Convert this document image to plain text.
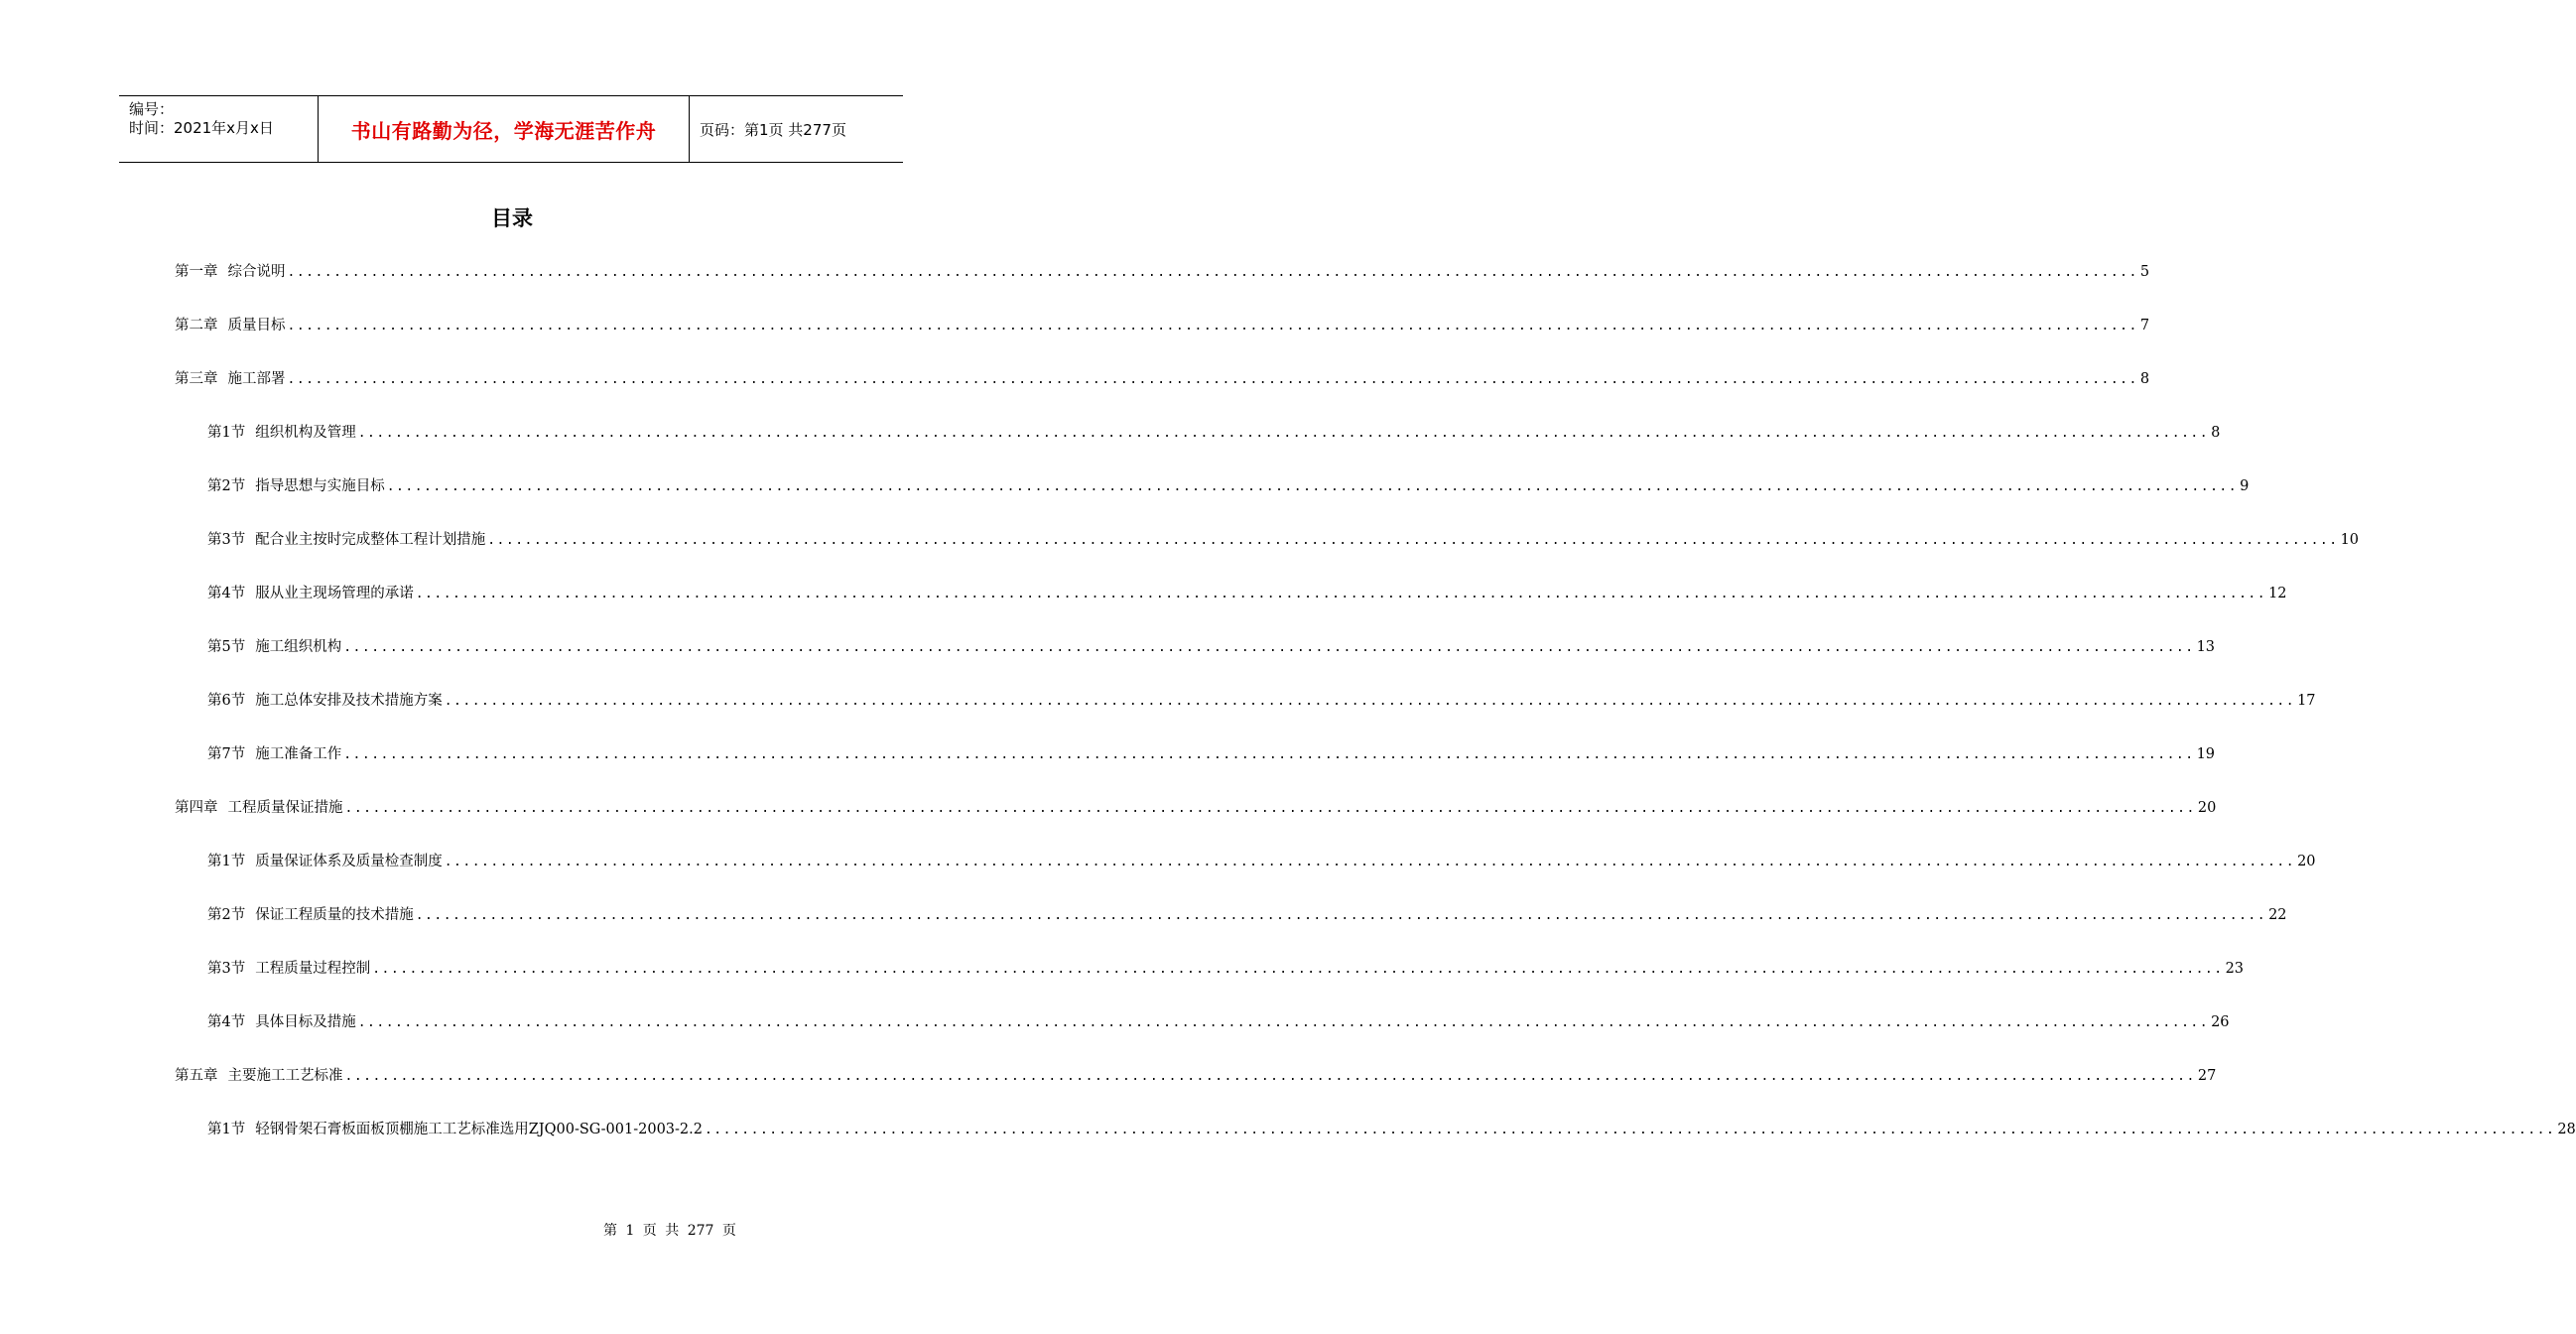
编号：
时间：2021年x月x日	书山有路勤为径，学海无涯苦作舟	页码：第1页 共277页
目录
第一章 综合说明 ........................................................................................................................................................................................................ 5
第二章 质量目标 ........................................................................................................................................................................................................ 7
第三章 施工部署 ........................................................................................................................................................................................................ 8
第1节 组织机构及管理 ........................................................................................................................................................................................................ 8
第2节 指导思想与实施目标 ........................................................................................................................................................................................................ 9
第3节 配合业主按时完成整体工程计划措施 ........................................................................................................................................................................................................ 10
第4节 服从业主现场管理的承诺 ........................................................................................................................................................................................................ 12
第5节 施工组织机构 ........................................................................................................................................................................................................ 13
第6节 施工总体安排及技术措施方案 ........................................................................................................................................................................................................ 17
第7节 施工准备工作 ........................................................................................................................................................................................................ 19
第四章 工程质量保证措施 ........................................................................................................................................................................................................ 20
第1节 质量保证体系及质量检查制度 ........................................................................................................................................................................................................ 20
第2节 保证工程质量的技术措施 ........................................................................................................................................................................................................ 22
第3节 工程质量过程控制 ........................................................................................................................................................................................................ 23
第4节 具体目标及措施 ........................................................................................................................................................................................................ 26
第五章 主要施工工艺标准 ........................................................................................................................................................................................................ 27
第1节 轻钢骨架石膏板面板顶棚施工工艺标准选用ZJQ00-SG-001-2003-2.2 ........................................................................................................................................................................................................ 28
第 1 页 共 277 页
